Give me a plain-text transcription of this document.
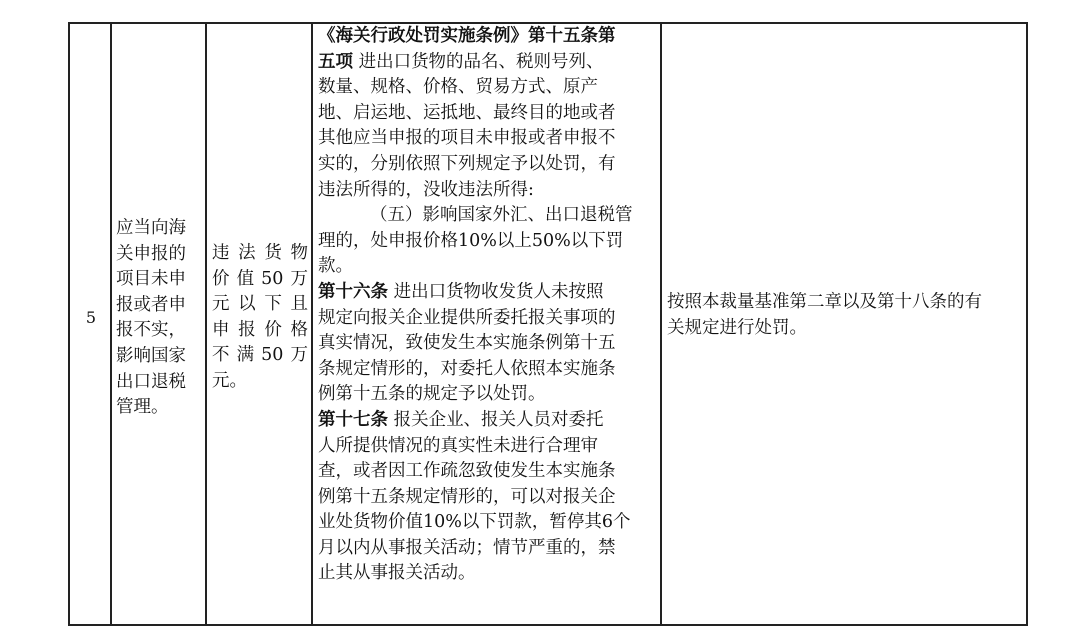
5
应当向海
关申报的
项目未申
报或者申
报不实，
影响国家
出口退税
管理。
违法货物
价值50万
元以下且
申报价格
不满50万
元。
《海关行政处罚实施条例》第十五条第
五项 进出口货物的品名、税则号列、
数量、规格、价格、贸易方式、原产
地、启运地、运抵地、最终目的地或者
其他应当申报的项目未申报或者申报不
实的，分别依照下列规定予以处罚，有
违法所得的，没收违法所得:
（五）影响国家外汇、出口退税管
理的，处申报价格10%以上50%以下罚
款。
第十六条 进出口货物收发货人未按照
规定向报关企业提供所委托报关事项的
真实情况，致使发生本实施条例第十五
条规定情形的，对委托人依照本实施条
例第十五条的规定予以处罚。
第十七条 报关企业、报关人员对委托
人所提供情况的真实性未进行合理审
查，或者因工作疏忽致使发生本实施条
例第十五条规定情形的，可以对报关企
业处货物价值10%以下罚款，暂停其6个
月以内从事报关活动；情节严重的，禁
止其从事报关活动。
按照本裁量基准第二章以及第十八条的有
关规定进行处罚。
